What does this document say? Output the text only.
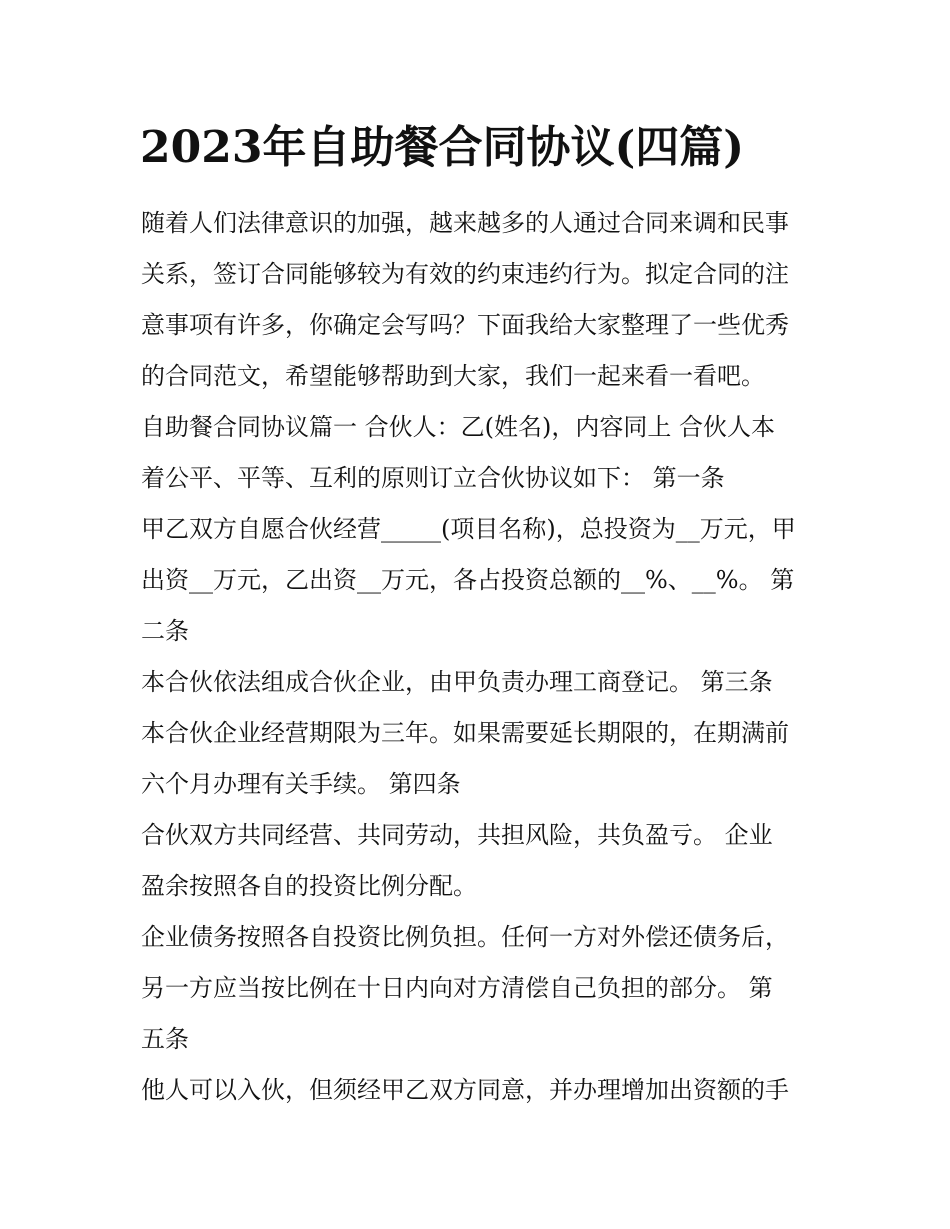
2023年自助餐合同协议(四篇)
随着人们法律意识的加强，越来越多的人通过合同来调和民事
关系，签订合同能够较为有效的约束违约行为。拟定合同的注
意事项有许多，你确定会写吗？下面我给大家整理了一些优秀
的合同范文，希望能够帮助到大家，我们一起来看一看吧。
自助餐合同协议篇一 合伙人：乙(姓名)，内容同上 合伙人本
着公平、平等、互利的原则订立合伙协议如下： 第一条
甲乙双方自愿合伙经营_____(项目名称)，总投资为__万元，甲
出资__万元，乙出资__万元，各占投资总额的__%、__%。 第
二条
本合伙依法组成合伙企业，由甲负责办理工商登记。 第三条
本合伙企业经营期限为三年。如果需要延长期限的，在期满前
六个月办理有关手续。 第四条
合伙双方共同经营、共同劳动，共担风险，共负盈亏。 企业
盈余按照各自的投资比例分配。
企业债务按照各自投资比例负担。任何一方对外偿还债务后，
另一方应当按比例在十日内向对方清偿自己负担的部分。 第
五条
他人可以入伙，但须经甲乙双方同意，并办理增加出资额的手
